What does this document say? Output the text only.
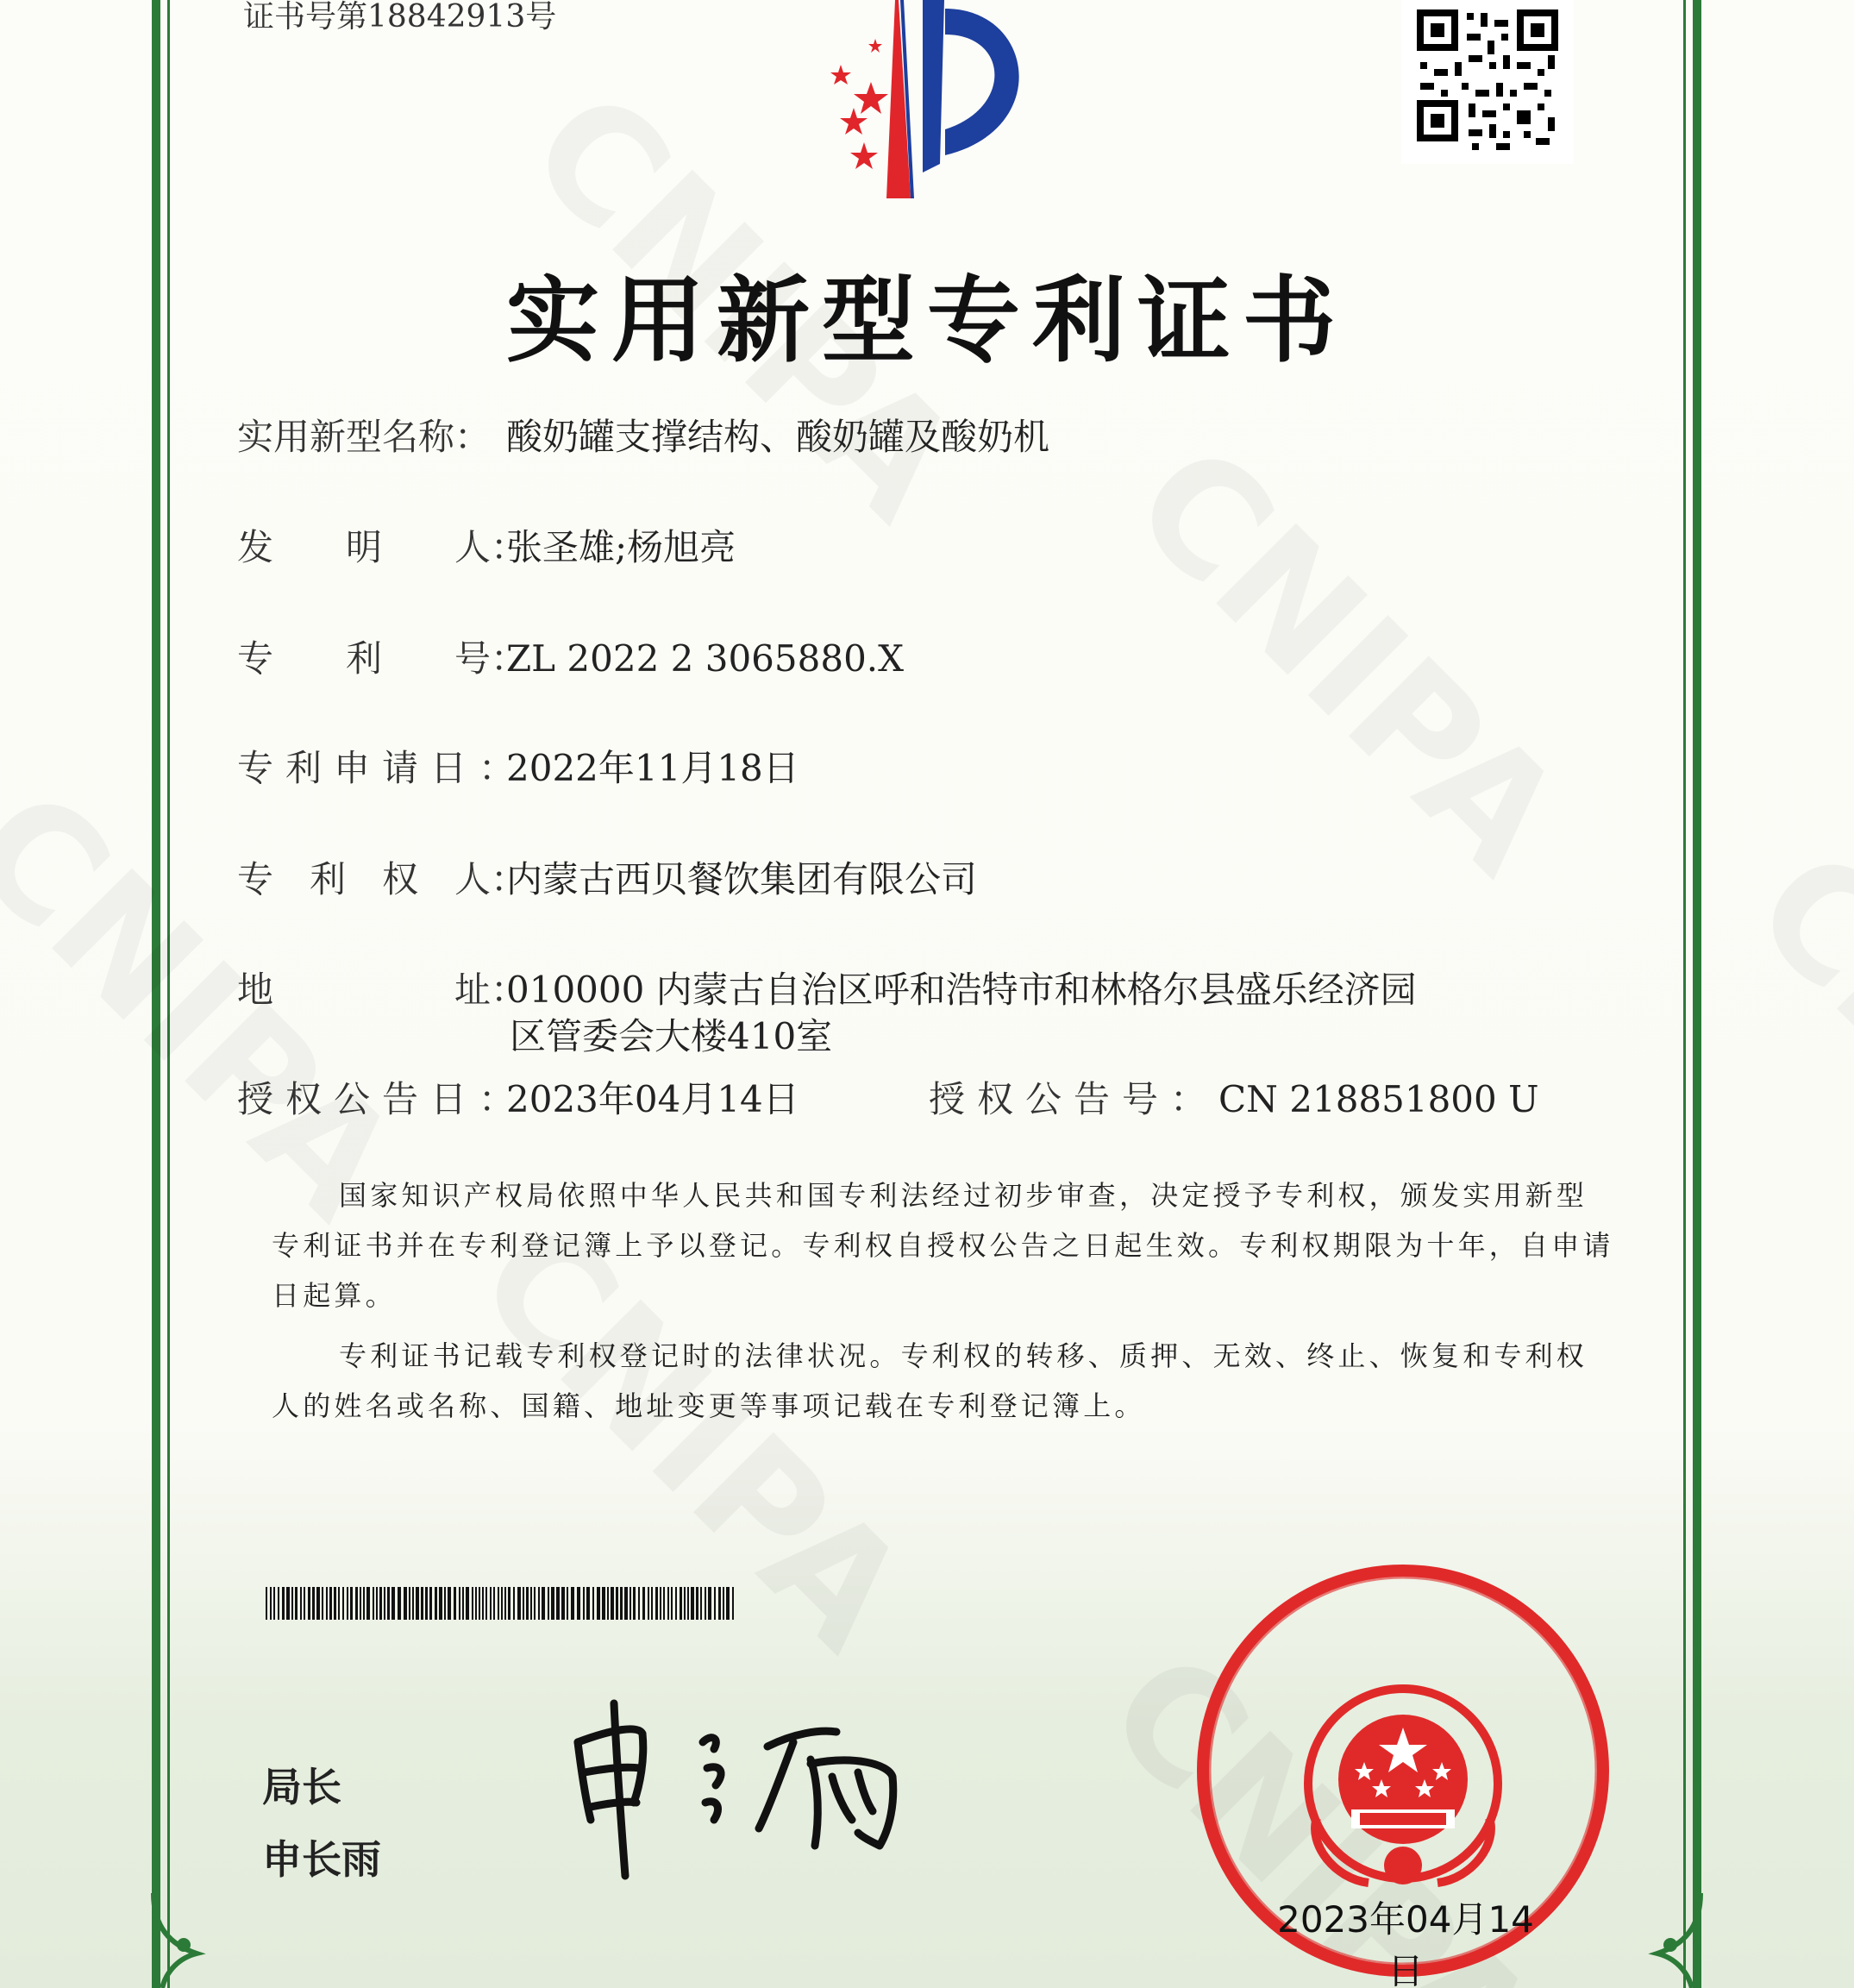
证书号第18842913号
实用新型专利证书
实用新型名称： 酸奶罐支撑结构、酸奶罐及酸奶机
发　　明　　人：张圣雄;杨旭亮
专　　利　　号：ZL 2022 2 3065880.X
专利申请日：2022年11月18日
专　利　权　人：内蒙古西贝餐饮集团有限公司
地　　　　　址：010000 内蒙古自治区呼和浩特市和林格尔县盛乐经济园
区管委会大楼410室
授权公告日：2023年04月14日	授权公告号：CN 218851800 U

国家知识产权局依照中华人民共和国专利法经过初步审查，决定授予专利权，颁发实用新型专利证书并在专利登记簿上予以登记。专利权自授权公告之日起生效。专利权期限为十年，自申请日起算。

专利证书记载专利权登记时的法律状况。专利权的转移、质押、无效、终止、恢复和专利权人的姓名或名称、国籍、地址变更等事项记载在专利登记簿上。

局长
申长雨
2023年04月14日
